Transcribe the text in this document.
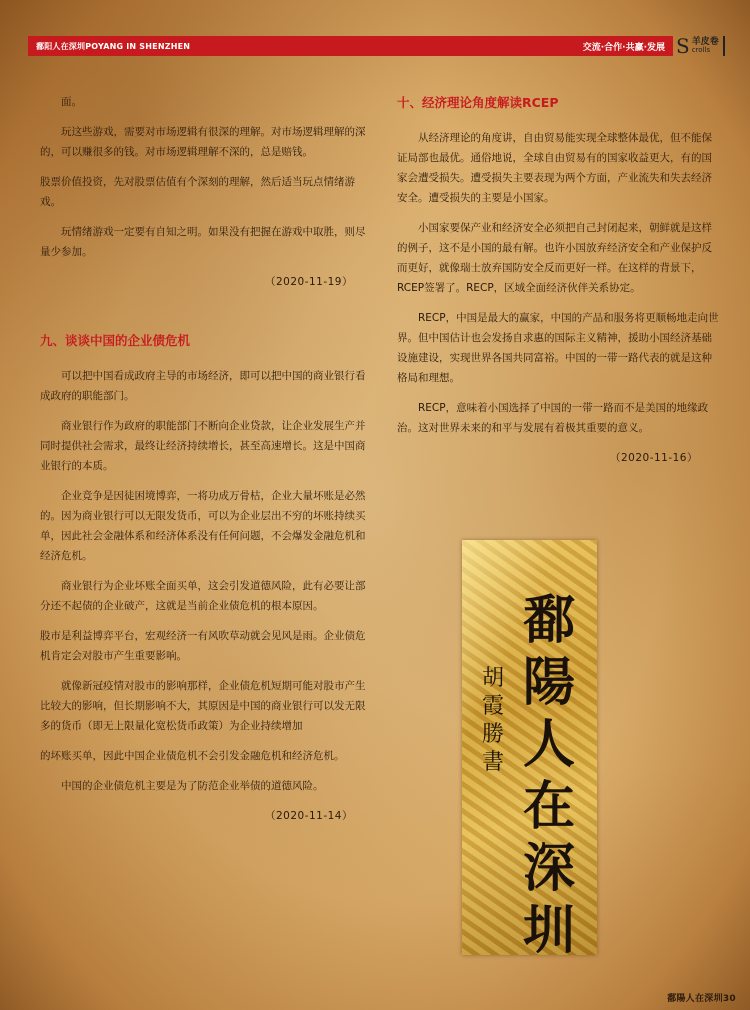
鄱阳人在深圳POYANG IN SHENZHEN	交流·合作·共赢·发展 S 羊皮卷
crolls

面。

玩这些游戏，需要对市场逻辑有很深的理解。对市场逻辑理解的深的，可以赚很多的钱。对市场逻辑理解不深的，总是赔钱。

股票价值投资，先对股票估值有个深刻的理解，然后适当玩点情绪游戏。

玩情绪游戏一定要有自知之明。如果没有把握在游戏中取胜，则尽量少参加。

（2020-11-19）

九、谈谈中国的企业债危机

可以把中国看成政府主导的市场经济，即可以把中国的商业银行看成政府的职能部门。

商业银行作为政府的职能部门不断向企业贷款，让企业发展生产并同时提供社会需求，最终让经济持续增长，甚至高速增长。这是中国商业银行的本质。

企业竞争是因徒困境博弈，一将功成万骨枯，企业大量坏账是必然的。因为商业银行可以无限发货币，可以为企业层出不穷的坏账持续买单，因此社会金融体系和经济体系没有任何问题，不会爆发金融危机和经济危机。

商业银行为企业坏账全面买单，这会引发道德风险，此有必要让部分还不起债的企业破产，这就是当前企业债危机的根本原因。

股市是利益博弈平台，宏观经济一有风吹草动就会见风是雨。企业债危机肯定会对股市产生重要影响。

就像新冠疫情对股市的影响那样，企业债危机短期可能对股市产生比较大的影响，但长期影响不大，其原因是中国的商业银行可以发无限多的货币（即无上限量化宽松货币政策）为企业持续增加

的坏账买单，因此中国企业债危机不会引发金融危机和经济危机。

中国的企业债危机主要是为了防范企业举债的道德风险。

（2020-11-14）

十、经济理论角度解读RCEP

从经济理论的角度讲，自由贸易能实现全球整体最优，但不能保证局部也最优。通俗地说，全球自由贸易有的国家收益更大，有的国家会遭受损失。遭受损失主要表现为两个方面，产业流失和失去经济安全。遭受损失的主要是小国家。

小国家要保产业和经济安全必须把自己封闭起来，朝鲜就是这样的例子，这不是小国的最有解。也许小国放弃经济安全和产业保护反而更好，就像瑞士放弃国防安全反而更好一样。在这样的背景下，RCEP签署了。RECP，区域全面经济伙伴关系协定。

RECP，中国是最大的赢家，中国的产品和服务将更顺畅地走向世界。但中国估计也会发扬自求惠的国际主义精神，援助小国经济基础设施建设，实现世界各国共同富裕。中国的一带一路代表的就是这种格局和理想。

RECP，意味着小国选择了中国的一带一路而不是美国的地缘政治。这对世界未来的和平与发展有着极其重要的意义。

（2020-11-16）

鄱陽人在深圳
胡霞勝書
鄱陽人在深圳30
